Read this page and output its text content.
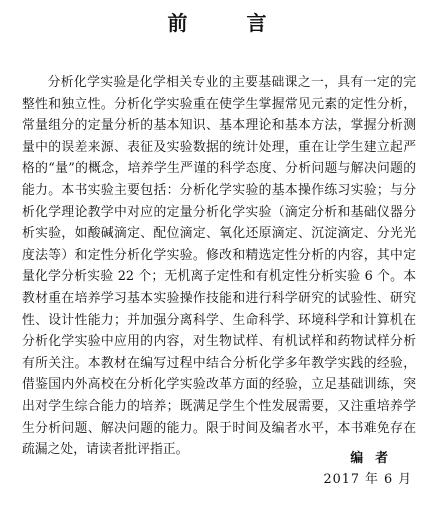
前 言

分析化学实验是化学相关专业的主要基础课之一，具有一定的完整性和独立性。分析化学实验重在使学生掌握常见元素的定性分析，常量组分的定量分析的基本知识、基本理论和基本方法，掌握分析测量中的误差来源、表征及实验数据的统计处理，重在让学生建立起严格的“量”的概念，培养学生严谨的科学态度、分析问题与解决问题的能力。本书实验主要包括：分析化学实验的基本操作练习实验；与分析化学理论教学中对应的定量分析化学实验（滴定分析和基础仪器分析实验，如酸碱滴定、配位滴定、氧化还原滴定、沉淀滴定、分光光度法等）和定性分析化学实验。修改和精选定性分析的内容，其中定量化学分析实验 22 个；无机离子定性和有机定性分析实验 6 个。本教材重在培养学习基本实验操作技能和进行科学研究的试验性、研究性、设计性能力；并加强分离科学、生命科学、环境科学和计算机在分析化学实验中应用的内容，对生物试样、有机试样和药物试样分析有所关注。本教材在编写过程中结合分析化学多年教学实践的经验，借鉴国内外高校在分析化学实验改革方面的经验，立足基础训练，突出对学生综合能力的培养；既满足学生个性发展需要，又注重培养学生分析问题、解决问题的能力。限于时间及编者水平，本书难免存在疏漏之处，请读者批评指正。

编者
2017 年 6 月
